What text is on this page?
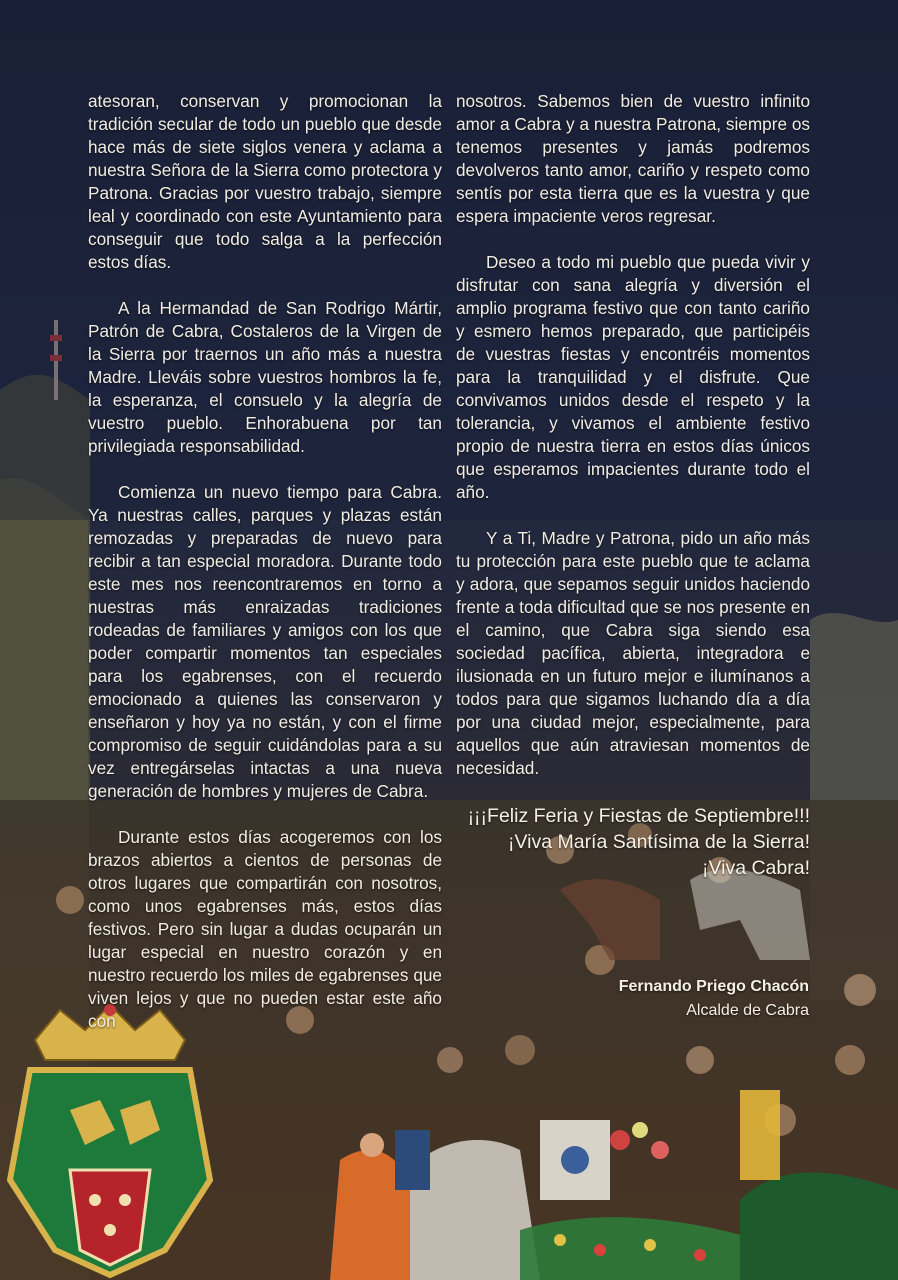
atesoran, conservan y promocionan la tradición secular de todo un pueblo que desde hace más de siete siglos venera y aclama a nuestra Señora de la Sierra como protectora y Patrona. Gracias por vuestro trabajo, siempre leal y coordinado con este Ayuntamiento para conseguir que todo salga a la perfección estos días.

A la Hermandad de San Rodrigo Mártir, Patrón de Cabra, Costaleros de la Virgen de la Sierra por traernos un año más a nuestra Madre. Lleváis sobre vuestros hombros la fe, la esperanza, el consuelo y la alegría de vuestro pueblo. Enhorabuena por tan privilegiada responsabilidad.

Comienza un nuevo tiempo para Cabra. Ya nuestras calles, parques y plazas están remozadas y preparadas de nuevo para recibir a tan especial moradora. Durante todo este mes nos reencontraremos en torno a nuestras más enraizadas tradiciones rodeadas de familiares y amigos con los que poder compartir momentos tan especiales para los egabrenses, con el recuerdo emocionado a quienes las conservaron y enseñaron y hoy ya no están, y con el firme compromiso de seguir cuidándolas para a su vez entregárselas intactas a una nueva generación de hombres y mujeres de Cabra.

Durante estos días acogeremos con los brazos abiertos a cientos de personas de otros lugares que compartirán con nosotros, como unos egabrenses más, estos días festivos. Pero sin lugar a dudas ocuparán un lugar especial en nuestro corazón y en nuestro recuerdo los miles de egabrenses que viven lejos y que no pueden estar este año con

nosotros. Sabemos bien de vuestro infinito amor a Cabra y a nuestra Patrona, siempre os tenemos presentes y jamás podremos devolveros tanto amor, cariño y respeto como sentís por esta tierra que es la vuestra y que espera impaciente veros regresar.

Deseo a todo mi pueblo que pueda vivir y disfrutar con sana alegría y diversión el amplio programa festivo que con tanto cariño y esmero hemos preparado, que participéis de vuestras fiestas y encontréis momentos para la tranquilidad y el disfrute. Que convivamos unidos desde el respeto y la tolerancia, y vivamos el ambiente festivo propio de nuestra tierra en estos días únicos que esperamos impacientes durante todo el año.

Y a Ti, Madre y Patrona, pido un año más tu protección para este pueblo que te aclama y adora, que sepamos seguir unidos haciendo frente a toda dificultad que se nos presente en el camino, que Cabra siga siendo esa sociedad pacífica, abierta, integradora e ilusionada en un futuro mejor e ilumínanos a todos para que sigamos luchando día a día por una ciudad mejor, especialmente, para aquellos que aún atraviesan momentos de necesidad.

¡¡¡Feliz Feria y Fiestas de Septiembre!!!
¡Viva María Santísima de la Sierra!
¡Viva Cabra!
Fernando Priego Chacón
Alcalde de Cabra
